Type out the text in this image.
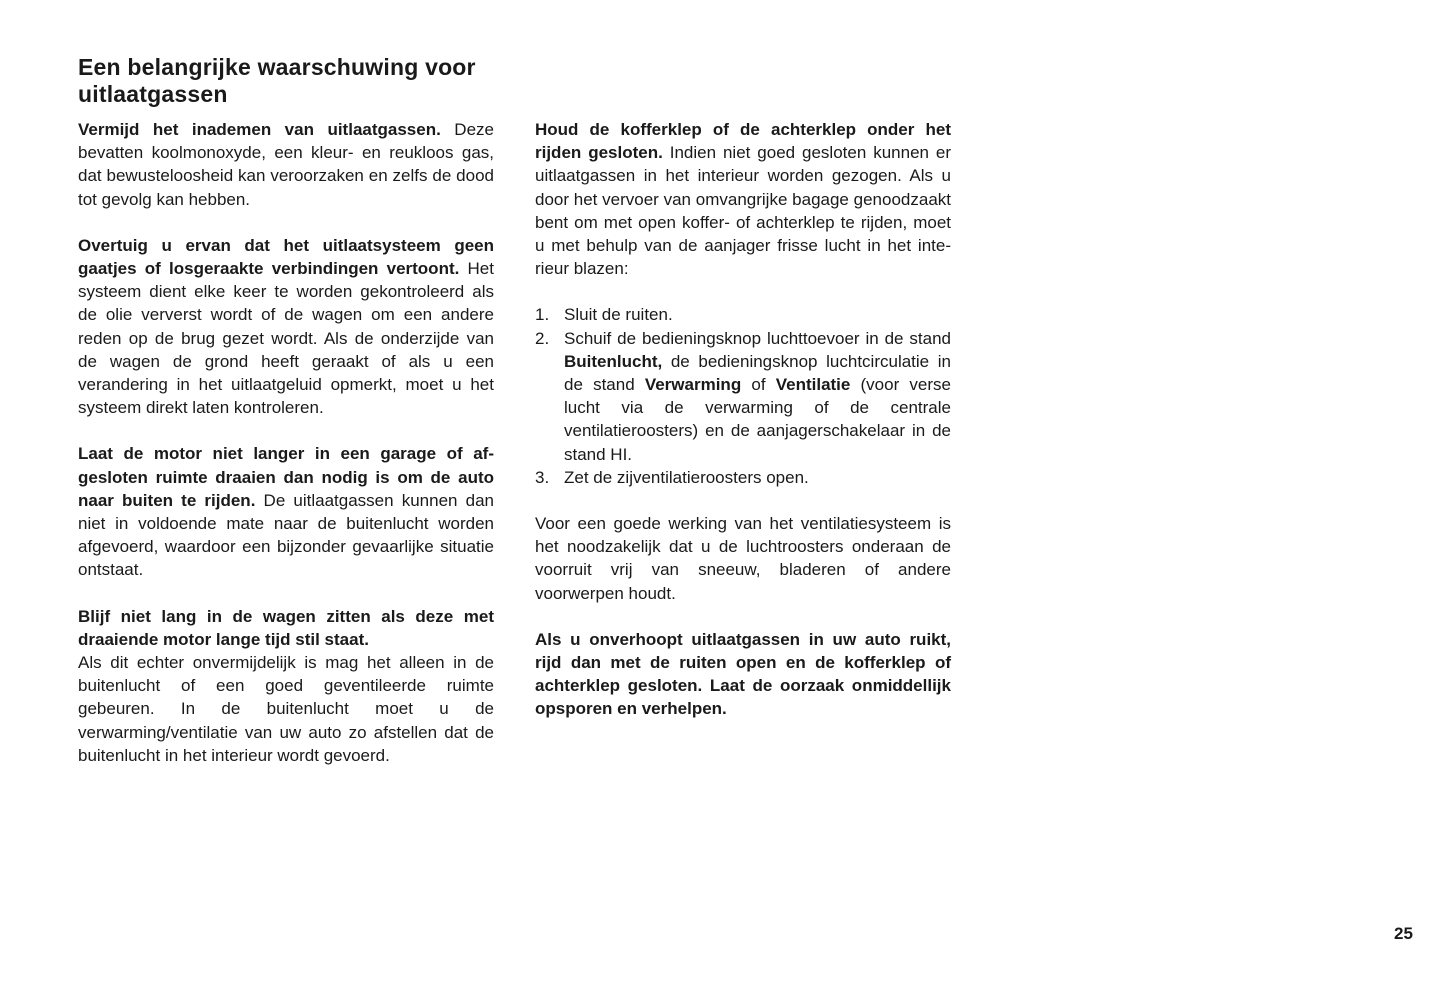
Een belangrijke waarschuwing voor uitlaatgassen

Vermijd het inademen van uitlaatgassen. Deze bevatten koolmonoxyde, een kleur- en reukloos gas, dat bewusteloosheid kan veroorzaken en zelfs de dood tot gevolg kan hebben.

Overtuig u ervan dat het uitlaatsysteem geen gaatjes of losgeraakte verbindingen vertoont. Het systeem dient elke keer te worden gekontroleerd als de olie ververst wordt of de wagen om een andere reden op de brug gezet wordt. Als de onderzijde van de wagen de grond heeft geraakt of als u een verandering in het uitlaatgeluid opmerkt, moet u het systeem direkt laten kontroleren.

Laat de motor niet langer in een garage of afgesloten ruimte draaien dan nodig is om de auto naar buiten te rijden. De uitlaatgassen kunnen dan niet in voldoende mate naar de buitenlucht worden afgevoerd, waardoor een bijzonder gevaarlijke situatie ontstaat.

Blijf niet lang in de wagen zitten als deze met draaiende motor lange tijd stil staat.
Als dit echter onvermijdelijk is mag het alleen in de buitenlucht of een goed geventileerde ruimte gebeuren. In de buitenlucht moet u de verwarming/ventilatie van uw auto zo afstellen dat de buitenlucht in het interieur wordt gevoerd.

Houd de kofferklep of de achterklep onder het rijden gesloten. Indien niet goed gesloten kunnen er uitlaatgassen in het interieur worden gezogen. Als u door het vervoer van omvangrijke bagage genoodzaakt bent om met open koffer- of achterklep te rijden, moet u met behulp van de aanjager frisse lucht in het interieur blazen:

1. Sluit de ruiten.
2. Schuif de bedieningsknop luchttoevoer in de stand Buitenlucht, de bedieningsknop luchtcirculatie in de stand Verwarming of Ventilatie (voor verse lucht via de verwarming of de centrale ventilatieroosters) en de aanjagerschakelaar in de stand HI.
3. Zet de zijventilatieroosters open.

Voor een goede werking van het ventilatiesysteem is het noodzakelijk dat u de luchtroosters onderaan de voorruit vrij van sneeuw, bladeren of andere voorwerpen houdt.

Als u onverhoopt uitlaatgassen in uw auto ruikt, rijd dan met de ruiten open en de kofferklep of achterklep gesloten. Laat de oorzaak onmiddellijk opsporen en verhelpen.

25
